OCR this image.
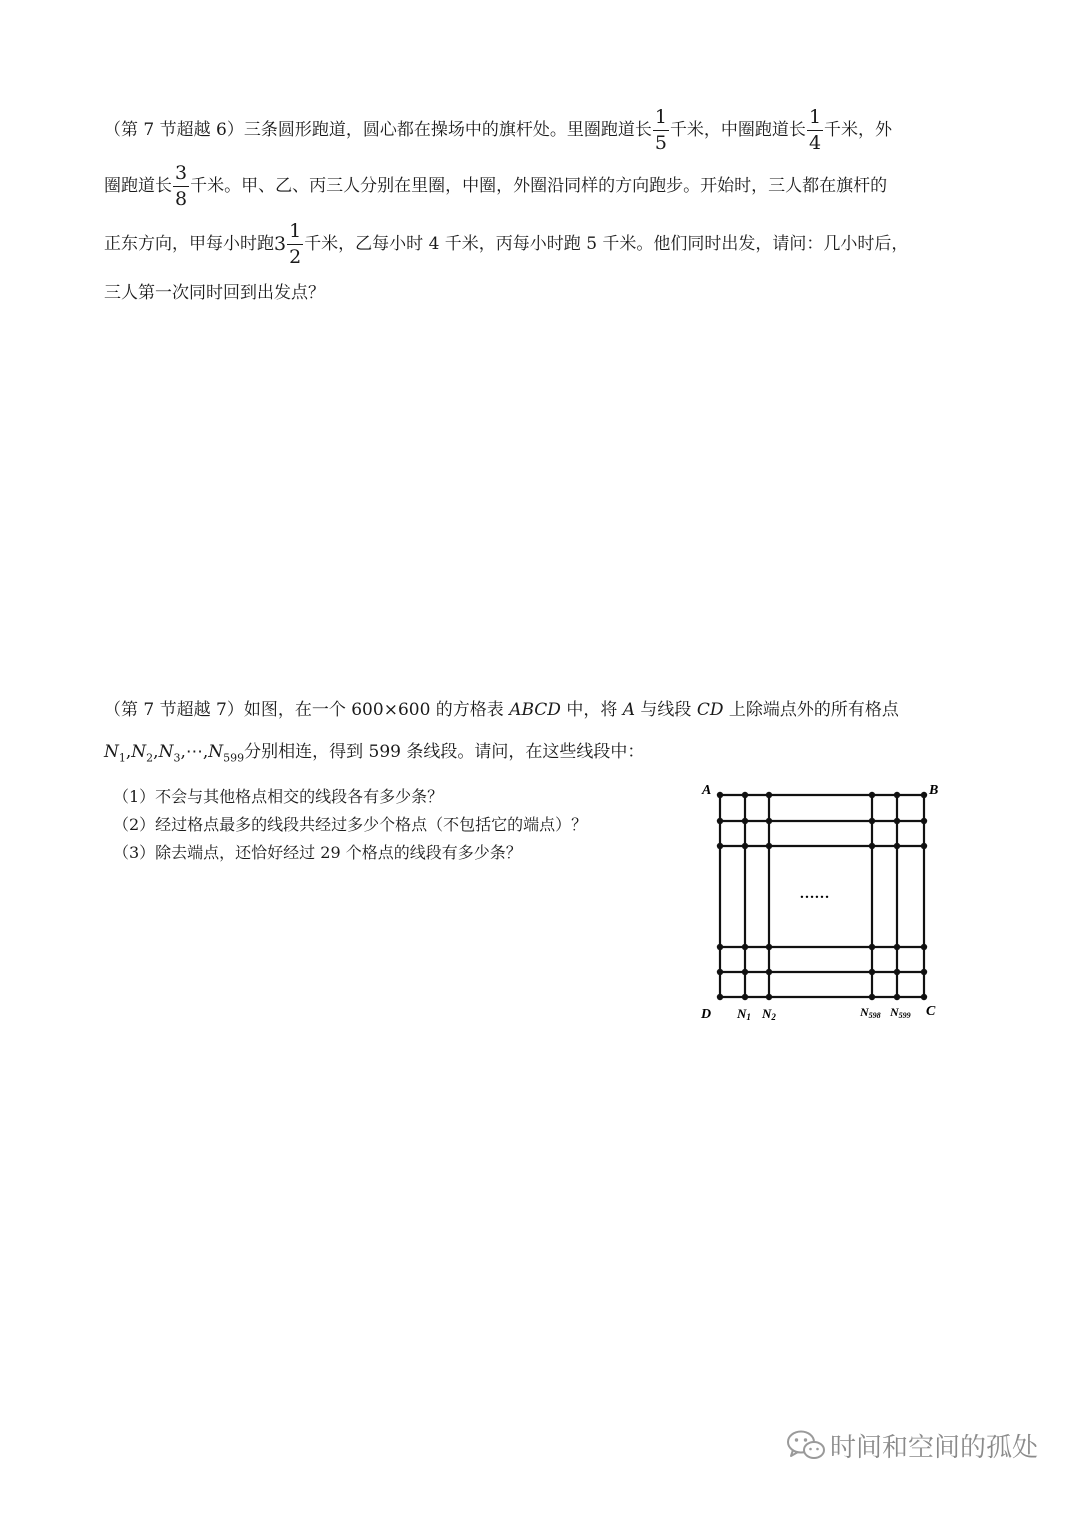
（第 7 节超越 6）三条圆形跑道，圆心都在操场中的旗杆处。里圈跑道长 $\frac{1}{5}$ 千米，中圈跑道长 $\frac{1}{4}$ 千米，外
圈跑道长 $\frac{3}{8}$ 千米。甲、乙、丙三人分别在里圈，中圈，外圈沿同样的方向跑步。开始时，三人都在旗杆的
正东方向，甲每小时跑$3 \frac{1}{2}$ 千米，乙每小时 4 千米，丙每小时跑 5 千米。他们同时出发，请问：几小时后，
三人第一次同时回到出发点？
（第 7 节超越 7）如图，在一个 600×600 的方格表 ABCD 中，将 A 与线段 CD 上除端点外的所有格点
$N_1,N_2,N_3,\cdots,N_{599}$分别相连，得到 599 条线段。请问，在这些线段中：
（1）不会与其他格点相交的线段各有多少条？
（2）经过格点最多的线段共经过多少个格点（不包括它的端点）？
（3）除去端点，还恰好经过 29 个格点的线段有多少条？
A	B
D	C
……
N1 N2	N598 N599
时间和空间的孤处
